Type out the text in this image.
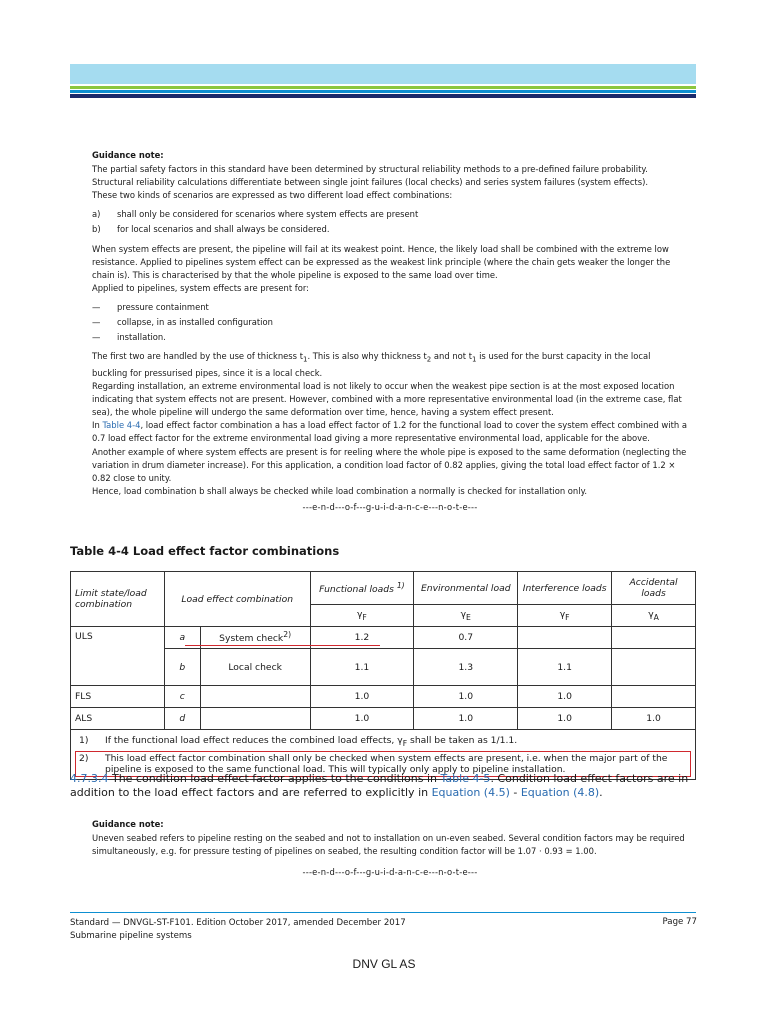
Guidance note:

The partial safety factors in this standard have been determined by structural reliability methods to a pre-defined failure probability. Structural reliability calculations differentiate between single joint failures (local checks) and series system failures (system effects).

These two kinds of scenarios are expressed as two different load effect combinations:

a)	shall only be considered for scenarios where system effects are present

b)	for local scenarios and shall always be considered.

When system effects are present, the pipeline will fail at its weakest point. Hence, the likely load shall be combined with the extreme low resistance. Applied to pipelines system effect can be expressed as the weakest link principle (where the chain gets weaker the longer the chain is). This is characterised by that the whole pipeline is exposed to the same load over time.

Applied to pipelines, system effects are present for:

—	pressure containment

—	collapse, in as installed configuration

—	installation.

The first two are handled by the use of thickness $t_1$. This is also why thickness $t_2$ and not $t_1$ is used for the burst capacity in the local buckling for pressurised pipes, since it is a local check.

Regarding installation, an extreme environmental load is not likely to occur when the weakest pipe section is at the most exposed location indicating that system effects not are present. However, combined with a more representative environmental load (in the extreme case, flat sea), the whole pipeline will undergo the same deformation over time, hence, having a system effect present.

In Table 4-4, load effect factor combination a has a load effect factor of 1.2 for the functional load to cover the system effect combined with a 0.7 load effect factor for the extreme environmental load giving a more representative environmental load, applicable for the above.

Another example of where system effects are present is for reeling where the whole pipe is exposed to the same deformation (neglecting the variation in drum diameter increase). For this application, a condition load factor of 0.82 applies, giving the total load effect factor of 1.2 × 0.82 close to unity.

Hence, load combination b shall always be checked while load combination a normally is checked for installation only.

---e-n-d---o-f---g-u-i-d-a-n-c-e---n-o-t-e---

Table 4-4 Load effect factor combinations

Limit state/load combination	Load effect combination		Functional loads $^{1)}$	Environmental load	Interference loads	Accidental loads
			$\gamma_F$	$\gamma_E$	$\gamma_F$	$\gamma_A$
ULS	a	System check$^{2)}$	1.2	0.7		
	b	Local check	1.1	1.3	1.1	
FLS	c		1.0	1.0	1.0	
ALS	d		1.0	1.0	1.0	1.0

1) If the functional load effect reduces the combined load effects, $\gamma_F$ shall be taken as 1/1.1.
2) This load effect factor combination shall only be checked when system effects are present, i.e. when the major part of the pipeline is exposed to the same functional load. This will typically only apply to pipeline installation.						

4.7.3.4 The condition load effect factor applies to the conditions in Table 4-5. Condition load effect factors are in addition to the load effect factors and are referred to explicitly in Equation (4.5) - Equation (4.8).

Guidance note:

Uneven seabed refers to pipeline resting on the seabed and not to installation on un-even seabed. Several condition factors may be required simultaneously, e.g. for pressure testing of pipelines on seabed, the resulting condition factor will be 1.07 · 0.93 = 1.00.

---e-n-d---o-f---g-u-i-d-a-n-c-e---n-o-t-e---

Standard — DNVGL-ST-F101. Edition October 2017, amended December 2017
Submarine pipeline systems
Page 77
DNV GL AS
